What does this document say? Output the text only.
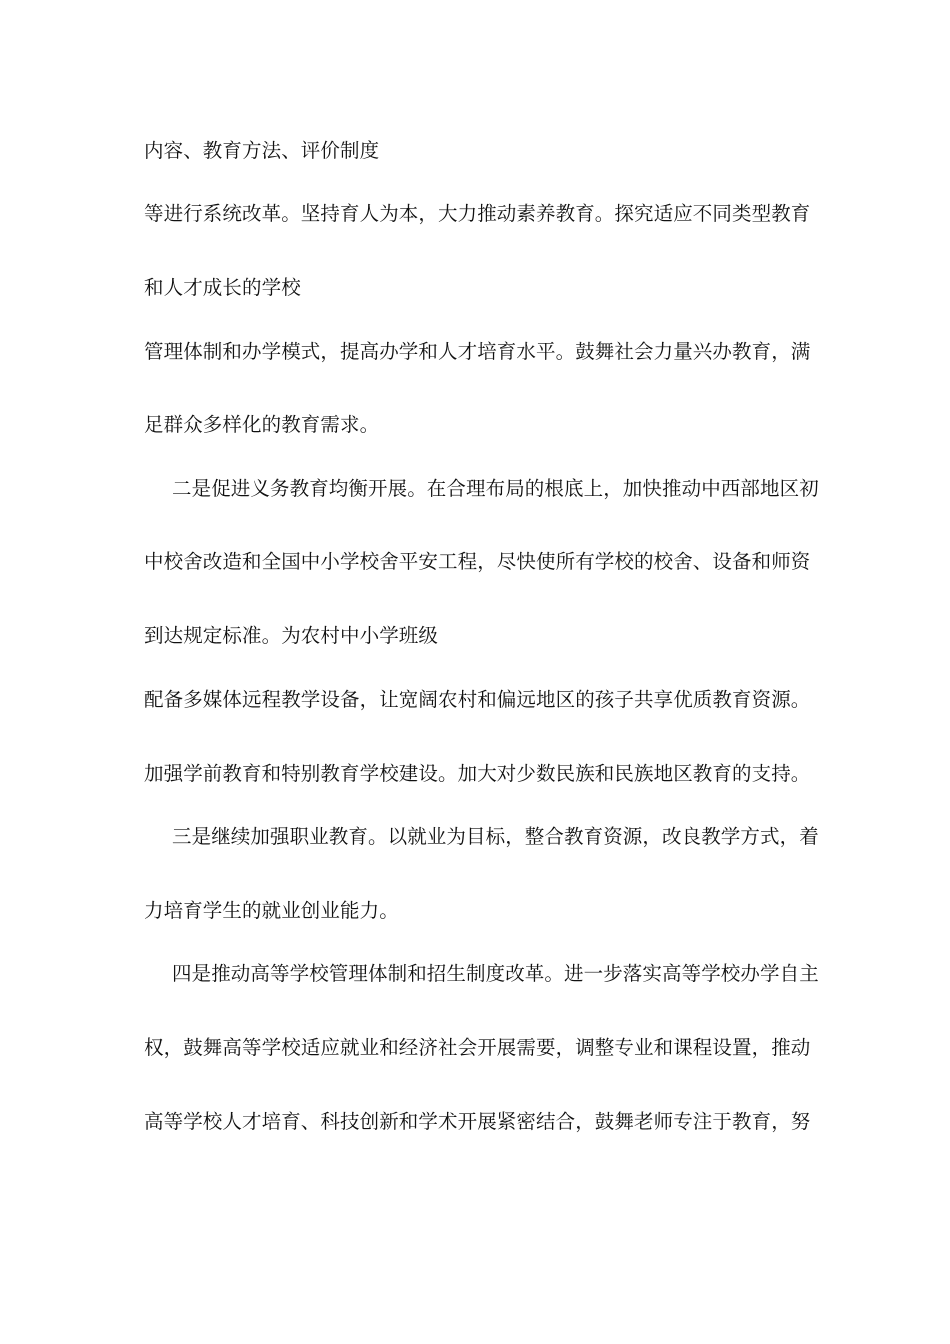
内容、教育方法、评价制度
等进行系统改革。坚持育人为本，大力推动素养教育。探究适应不同类型教育
和人才成长的学校
管理体制和办学模式，提高办学和人才培育水平。鼓舞社会力量兴办教育，满
足群众多样化的教育需求。
二是促进义务教育均衡开展。在合理布局的根底上，加快推动中西部地区初
中校舍改造和全国中小学校舍平安工程，尽快使所有学校的校舍、设备和师资
到达规定标准。为农村中小学班级
配备多媒体远程教学设备，让宽阔农村和偏远地区的孩子共享优质教育资源。
加强学前教育和特别教育学校建设。加大对少数民族和民族地区教育的支持。
三是继续加强职业教育。以就业为目标，整合教育资源，改良教学方式，着
力培育学生的就业创业能力。
四是推动高等学校管理体制和招生制度改革。进一步落实高等学校办学自主
权，鼓舞高等学校适应就业和经济社会开展需要，调整专业和课程设置，推动
高等学校人才培育、科技创新和学术开展紧密结合，鼓舞老师专注于教育，努
